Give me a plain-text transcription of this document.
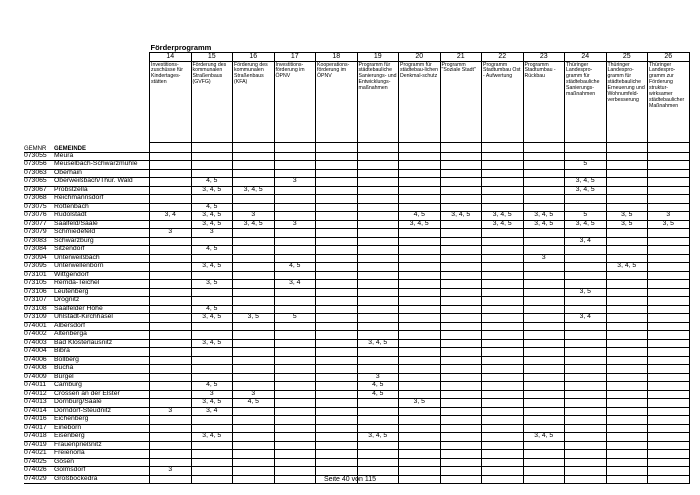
		Förderprogramm												
		14	15	16	17	18	19	20	21	22	23	24	25	26
		Investitions-zuschüsse für Kindertages-stätten	Förderung des kommunalen Straßenbaus (GVFG)	Förderung des kommunalen Straßenbaus (KFA)	Investitions-förderung im ÖPNV	Kooperations-förderung im ÖPNV	Programm für städtebauliche Sanierungs- und Entwicklungs-maßnahmen	Programm für städtebau-lichen Denkmal-schutz	Programm "Soziale Stadt"	Programm Stadtumbau Ost - Aufwertung	Programm Stadtumbau - Rückbau	Thüringer Landespro-gramm für städtebauliche Sanierungs-maßnahmen	Thüringer Landespro-gramm für städtebauliche Erneuerung und Wohnumfeld-verbesserung	Thüringer Landespro-gramm zur Förderung struktur-wirksamer städtebaulicher Maßnahmen
GEMNR	GEMEINDE													
073055	Meura													
073056	Meuselbach-Schwarzmühle											5		
073063	Oberhain													
073065	Oberweißbach/Thür. Wald		4, 5		3							3, 4, 5		
073067	Probstzella		3, 4, 5	3, 4, 5								3, 4, 5		
073068	Reichmannsdorf													
073075	Rottenbach		4, 5											
073076	Rudolstadt	3, 4	3, 4, 5	3				4, 5	3, 4, 5	3, 4, 5	3, 4, 5	5	3, 5	3
073077	Saalfeld/Saale		3, 4, 5	3, 4, 5	3			3, 4, 5		3, 4, 5	3, 4, 5	3, 4, 5	3, 5	3, 5
073079	Schmiedefeld	3	3											
073083	Schwarzburg											3, 4		
073084	Sitzendorf		4, 5											
073094	Unterweißbach										3			
073095	Unterwellenborn		3, 4, 5		4, 5								3, 4, 5	
073101	Wittgendorf													
073105	Remda-Teichel		3, 5		3, 4									
073106	Leutenberg											3, 5		
073107	Drognitz													
073108	Saalfelder Höhe		4, 5											
073109	Uhlstädt-Kirchhasel		3, 4, 5	3, 5	5							3, 4		
074001	Albersdorf													
074002	Altenberga													
074003	Bad Klosterlausnitz		3, 4, 5				3, 4, 5							
074004	Bibra													
074006	Bollberg													
074008	Bucha													
074009	Bürgel						3							
074011	Camburg		4, 5				4, 5							
074012	Crossen an der Elster		3	3			4, 5							
074013	Dornburg/Saale		3, 4, 5	4, 5				3, 5						
074014	Dorndorf-Steudnitz	3	3, 4											
074016	Eichenberg													
074017	Eineborn													
074018	Eisenberg		3, 4, 5				3, 4, 5				3, 4, 5			
074019	Frauenprießnitz													
074021	Freienorla													
074025	Gösen													
074026	Golmsdorf	3												
074029	Großbockedra														Seite 40 von 115
